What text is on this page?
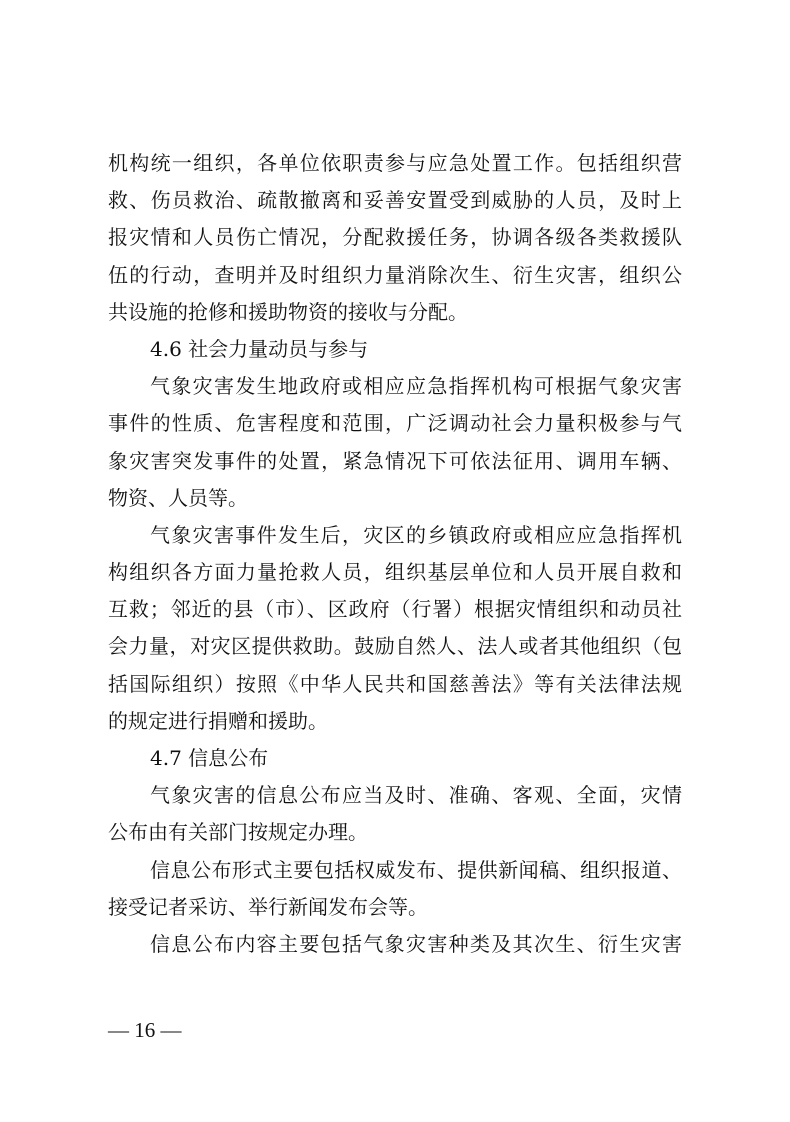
机构统一组织，各单位依职责参与应急处置工作。包括组织营
救、伤员救治、疏散撤离和妥善安置受到威胁的人员，及时上
报灾情和人员伤亡情况，分配救援任务，协调各级各类救援队
伍的行动，查明并及时组织力量消除次生、衍生灾害，组织公
共设施的抢修和援助物资的接收与分配。
4.6 社会力量动员与参与
气象灾害发生地政府或相应应急指挥机构可根据气象灾害
事件的性质、危害程度和范围，广泛调动社会力量积极参与气
象灾害突发事件的处置，紧急情况下可依法征用、调用车辆、
物资、人员等。
气象灾害事件发生后，灾区的乡镇政府或相应应急指挥机
构组织各方面力量抢救人员，组织基层单位和人员开展自救和
互救；邻近的县（市）、区政府（行署）根据灾情组织和动员社
会力量，对灾区提供救助。鼓励自然人、法人或者其他组织（包
括国际组织）按照《中华人民共和国慈善法》等有关法律法规
的规定进行捐赠和援助。
4.7 信息公布
气象灾害的信息公布应当及时、准确、客观、全面，灾情
公布由有关部门按规定办理。
信息公布形式主要包括权威发布、提供新闻稿、组织报道、
接受记者采访、举行新闻发布会等。
信息公布内容主要包括气象灾害种类及其次生、衍生灾害
— 16 —
